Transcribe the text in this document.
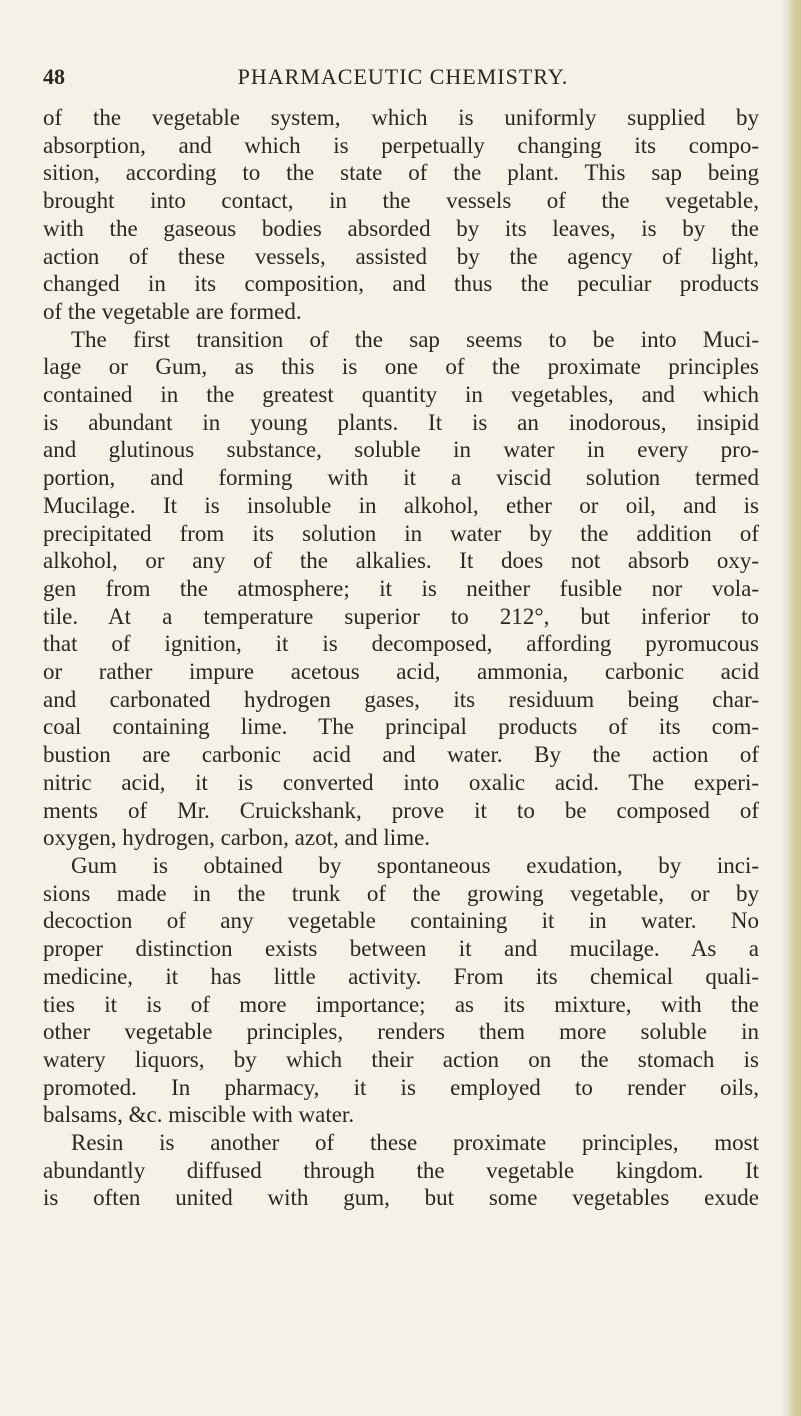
48	PHARMACEUTIC CHEMISTRY.
of the vegetable system, which is uniformly supplied by
absorption, and which is perpetually changing its compo-
sition, according to the state of the plant. This sap being
brought into contact, in the vessels of the vegetable,
with the gaseous bodies absorded by its leaves, is by the
action of these vessels, assisted by the agency of light,
changed in its composition, and thus the peculiar products
of the vegetable are formed.
The first transition of the sap seems to be into Muci-
lage or Gum, as this is one of the proximate principles
contained in the greatest quantity in vegetables, and which
is abundant in young plants. It is an inodorous, insipid
and glutinous substance, soluble in water in every pro-
portion, and forming with it a viscid solution termed
Mucilage. It is insoluble in alkohol, ether or oil, and is
precipitated from its solution in water by the addition of
alkohol, or any of the alkalies. It does not absorb oxy-
gen from the atmosphere; it is neither fusible nor vola-
tile. At a temperature superior to 212°, but inferior to
that of ignition, it is decomposed, affording pyromucous
or rather impure acetous acid, ammonia, carbonic acid
and carbonated hydrogen gases, its residuum being char-
coal containing lime. The principal products of its com-
bustion are carbonic acid and water. By the action of
nitric acid, it is converted into oxalic acid. The experi-
ments of Mr. Cruickshank, prove it to be composed of
oxygen, hydrogen, carbon, azot, and lime.
Gum is obtained by spontaneous exudation, by inci-
sions made in the trunk of the growing vegetable, or by
decoction of any vegetable containing it in water. No
proper distinction exists between it and mucilage. As a
medicine, it has little activity. From its chemical quali-
ties it is of more importance; as its mixture, with the
other vegetable principles, renders them more soluble in
watery liquors, by which their action on the stomach is
promoted. In pharmacy, it is employed to render oils,
balsams, &c. miscible with water.
Resin is another of these proximate principles, most
abundantly diffused through the vegetable kingdom. It
is often united with gum, but some vegetables exude
